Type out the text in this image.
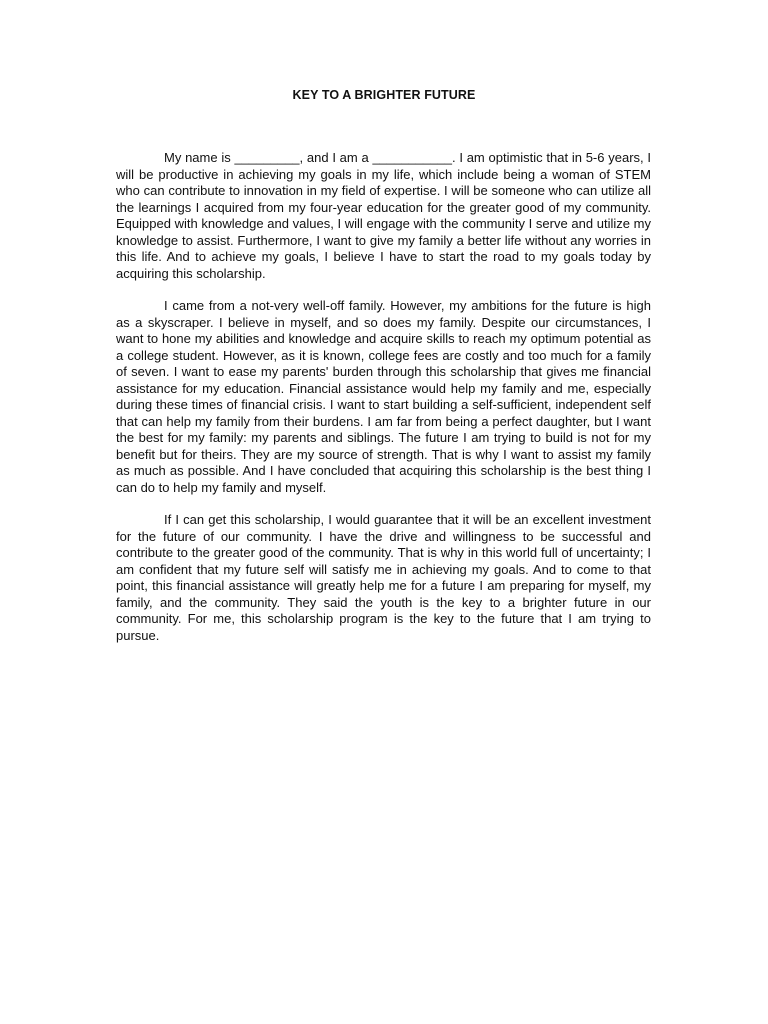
KEY TO A BRIGHTER FUTURE

My name is _________, and I am a ___________. I am optimistic that in 5-6 years, I will be productive in achieving my goals in my life, which include being a woman of STEM who can contribute to innovation in my field of expertise. I will be someone who can utilize all the learnings I acquired from my four-year education for the greater good of my community. Equipped with knowledge and values, I will engage with the community I serve and utilize my knowledge to assist. Furthermore, I want to give my family a better life without any worries in this life. And to achieve my goals, I believe I have to start the road to my goals today by acquiring this scholarship.

I came from a not-very well-off family. However, my ambitions for the future is high as a skyscraper. I believe in myself, and so does my family. Despite our circumstances, I want to hone my abilities and knowledge and acquire skills to reach my optimum potential as a college student. However, as it is known, college fees are costly and too much for a family of seven. I want to ease my parents' burden through this scholarship that gives me financial assistance for my education. Financial assistance would help my family and me, especially during these times of financial crisis. I want to start building a self-sufficient, independent self that can help my family from their burdens. I am far from being a perfect daughter, but I want the best for my family: my parents and siblings. The future I am trying to build is not for my benefit but for theirs. They are my source of strength. That is why I want to assist my family as much as possible. And I have concluded that acquiring this scholarship is the best thing I can do to help my family and myself.

If I can get this scholarship, I would guarantee that it will be an excellent investment for the future of our community. I have the drive and willingness to be successful and contribute to the greater good of the community. That is why in this world full of uncertainty; I am confident that my future self will satisfy me in achieving my goals. And to come to that point, this financial assistance will greatly help me for a future I am preparing for myself, my family, and the community. They said the youth is the key to a brighter future in our community. For me, this scholarship program is the key to the future that I am trying to pursue.
